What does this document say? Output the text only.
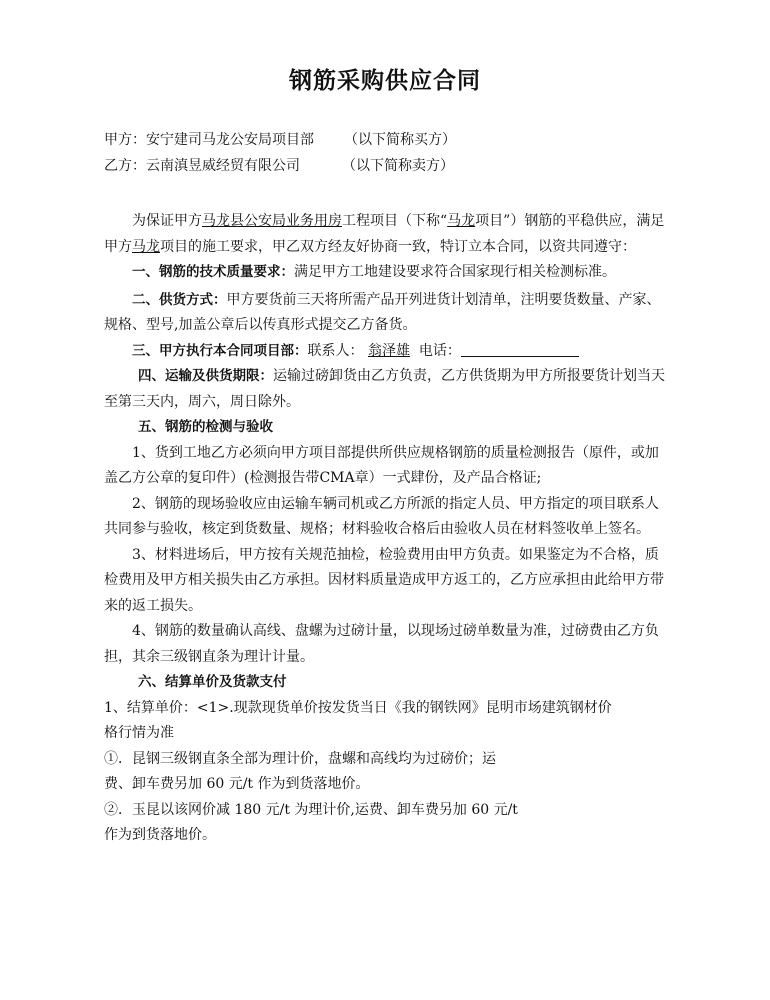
钢筋采购供应合同

甲方：安宁建司马龙公安局项目部 （以下简称买方）

乙方：云南滇昱威经贸有限公司	（以下简称卖方）

为保证甲方马龙县公安局业务用房工程项目（下称“马龙项目”）钢筋的平稳供应，满足甲方马龙项目的施工要求，甲乙双方经友好协商一致，特订立本合同，以资共同遵守：

一、钢筋的技术质量要求：满足甲方工地建设要求符合国家现行相关检测标准。

二、供货方式：甲方要货前三天将所需产品开列进货计划清单，注明要货数量、产家、规格、型号,加盖公章后以传真形式提交乙方备货。

三、甲方执行本合同项目部：联系人： 翁泽雄 电话：

四、运输及供货期限：运输过磅卸货由乙方负责，乙方供货期为甲方所报要货计划当天至第三天内，周六，周日除外。

五、钢筋的检测与验收

1、货到工地乙方必须向甲方项目部提供所供应规格钢筋的质量检测报告（原件，或加盖乙方公章的复印件）(检测报告带CMA章）一式肆份，及产品合格证;

2、钢筋的现场验收应由运输车辆司机或乙方所派的指定人员、甲方指定的项目联系人共同参与验收，核定到货数量、规格；材料验收合格后由验收人员在材料签收单上签名。

3、材料进场后，甲方按有关规范抽检，检验费用由甲方负责。如果鉴定为不合格，质检费用及甲方相关损失由乙方承担。因材料质量造成甲方返工的，乙方应承担由此给甲方带来的返工损失。

4、钢筋的数量确认高线、盘螺为过磅计量，以现场过磅单数量为准，过磅费由乙方负担，其余三级钢直条为理计计量。

六、结算单价及货款支付

1、结算单价：<1>.现款现货单价按发货当日《我的钢铁网》昆明市场建筑钢材价

格行情为准

①．昆钢三级钢直条全部为理计价，盘螺和高线均为过磅价；运

费、卸车费另加 60 元/t 作为到货落地价。

②．玉昆以该网价减 180 元/t 为理计价,运费、卸车费另加 60 元/t

作为到货落地价。
